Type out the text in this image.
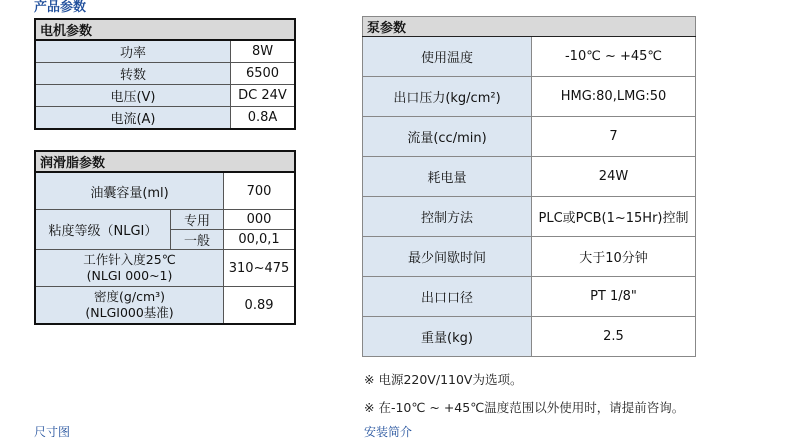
产品参数
电机参数	
功率	8W
转数	6500
电压(V)	DC 24V
电流(A)	0.8A
润滑脂参数		
油囊容量(ml)		700
粘度等级（NLGI）	专用	000
	一般	00,0,1

工作针入度25℃
(NLGI 000~1)		310~475

密度(g/cm³)
(NLGI000基准)		0.89
泵参数	
使用温度	-10℃ ~ +45℃
出口压力(kg/cm²)	HMG:80,LMG:50
流量(cc/min)	7
耗电量	24W
控制方法	PLC或PCB(1~15Hr)控制
最少间歇时间	大于10分钟
出口口径	PT 1/8"
重量(kg)	2.5
※ 电源220V/110V为选项。
※ 在-10℃ ~ +45℃温度范围以外使用时，请提前咨询。
尺寸图	安装简介
